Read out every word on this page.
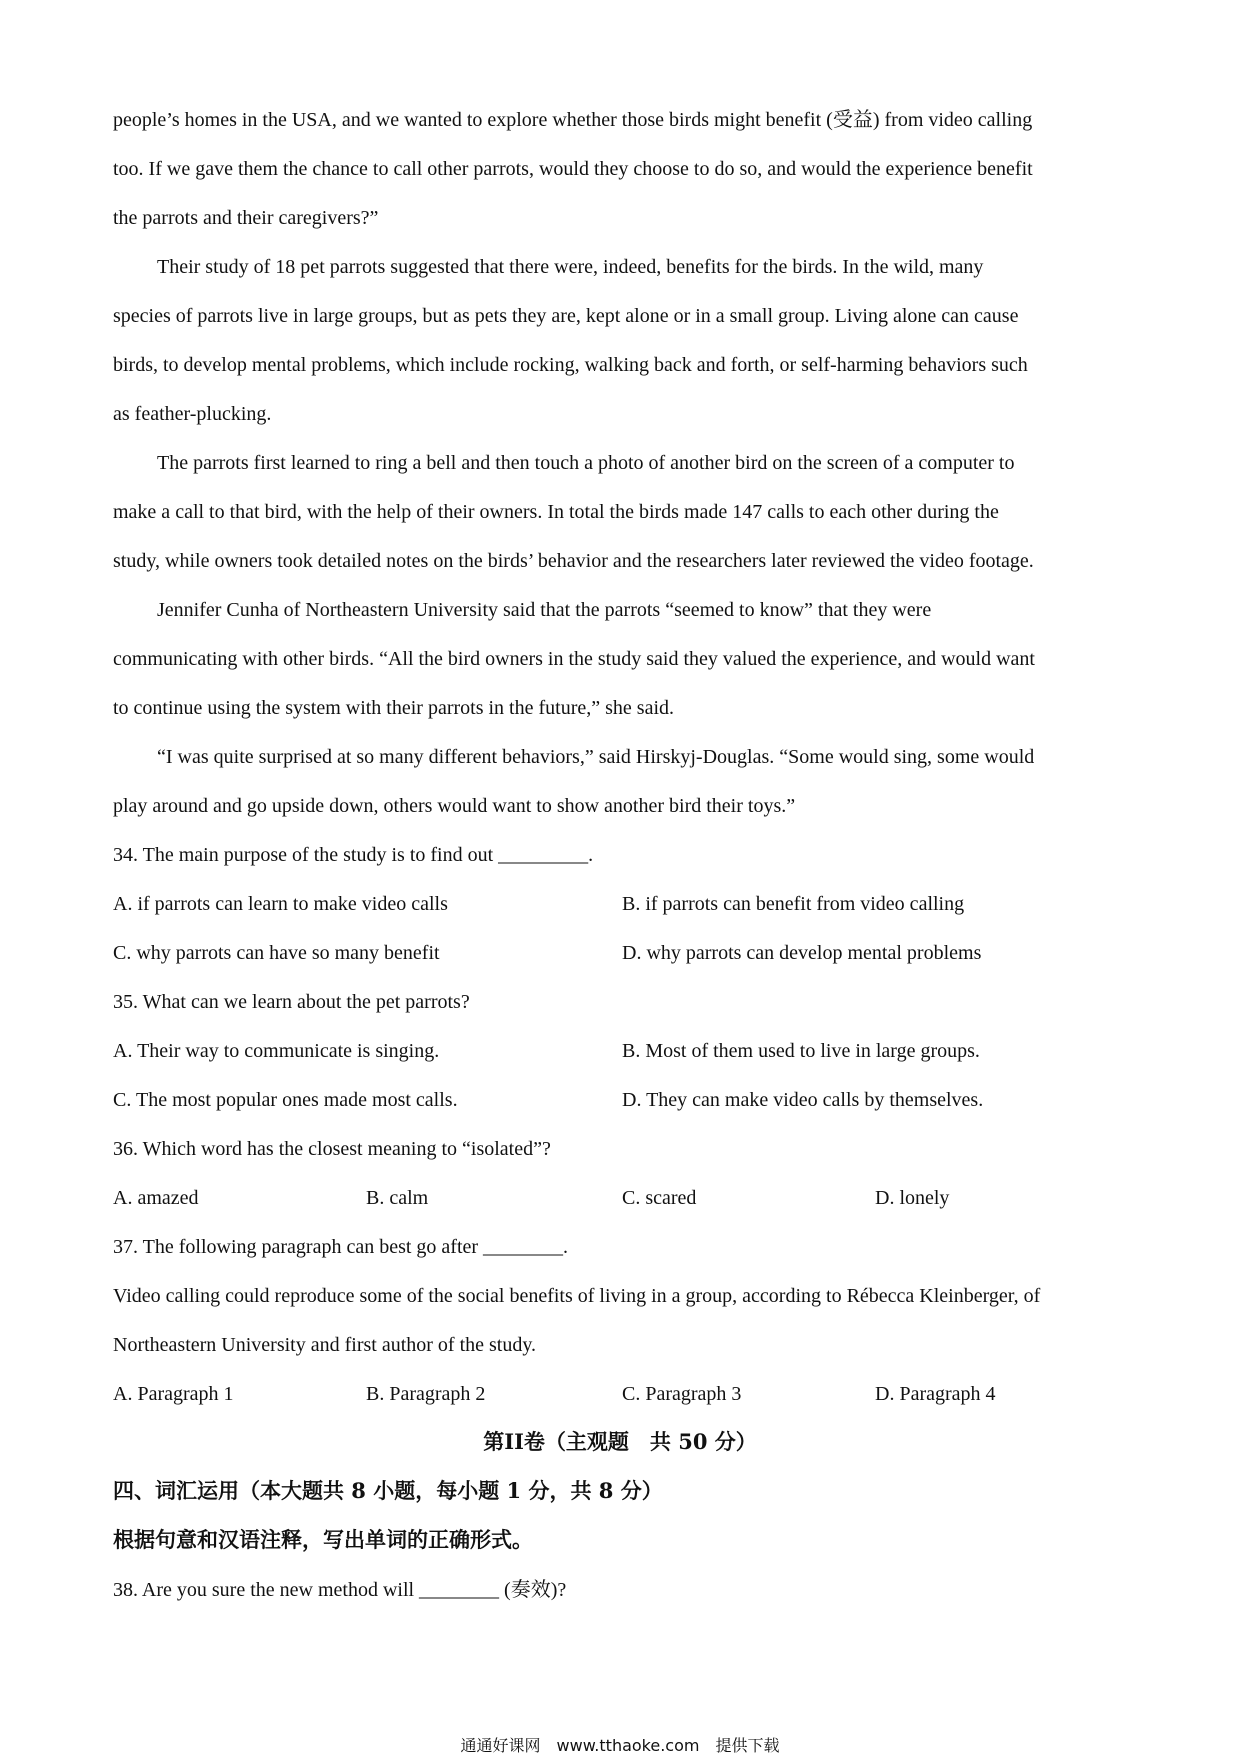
people’s homes in the USA, and we wanted to explore whether those birds might benefit (受益) from video calling
too. If we gave them the chance to call other parrots, would they choose to do so, and would the experience benefit
the parrots and their caregivers?”
Their study of 18 pet parrots suggested that there were, indeed, benefits for the birds. In the wild, many
species of parrots live in large groups, but as pets they are, kept alone or in a small group. Living alone can cause
birds, to develop mental problems, which include rocking, walking back and forth, or self-harming behaviors such
as feather-plucking.
The parrots first learned to ring a bell and then touch a photo of another bird on the screen of a computer to
make a call to that bird, with the help of their owners. In total the birds made 147 calls to each other during the
study, while owners took detailed notes on the birds’ behavior and the researchers later reviewed the video footage.
Jennifer Cunha of Northeastern University said that the parrots “seemed to know” that they were
communicating with other birds. “All the bird owners in the study said they valued the experience, and would want
to continue using the system with their parrots in the future,” she said.
“I was quite surprised at so many different behaviors,” said Hirskyj-Douglas. “Some would sing, some would
play around and go upside down, others would want to show another bird their toys.”
34. The main purpose of the study is to find out _________.
A. if parrots can learn to make video calls	B. if parrots can benefit from video calling
C. why parrots can have so many benefit	D. why parrots can develop mental problems
35. What can we learn about the pet parrots?
A. Their way to communicate is singing.	B. Most of them used to live in large groups.
C. The most popular ones made most calls.	D. They can make video calls by themselves.
36. Which word has the closest meaning to “isolated”?
A. amazed	B. calm	C. scared	D. lonely
37. The following paragraph can best go after ________.
Video calling could reproduce some of the social benefits of living in a group, according to Rébecca Kleinberger, of
Northeastern University and first author of the study.
A. Paragraph 1	B. Paragraph 2	C. Paragraph 3	D. Paragraph 4
第II卷（主观题　共 50 分）
四、词汇运用（本大题共 8 小题，每小题 1 分，共 8 分）
根据句意和汉语注释，写出单词的正确形式。
38. Are you sure the new method will ________ (奏效)?
通通好课网　www.tthaoke.com　提供下载
